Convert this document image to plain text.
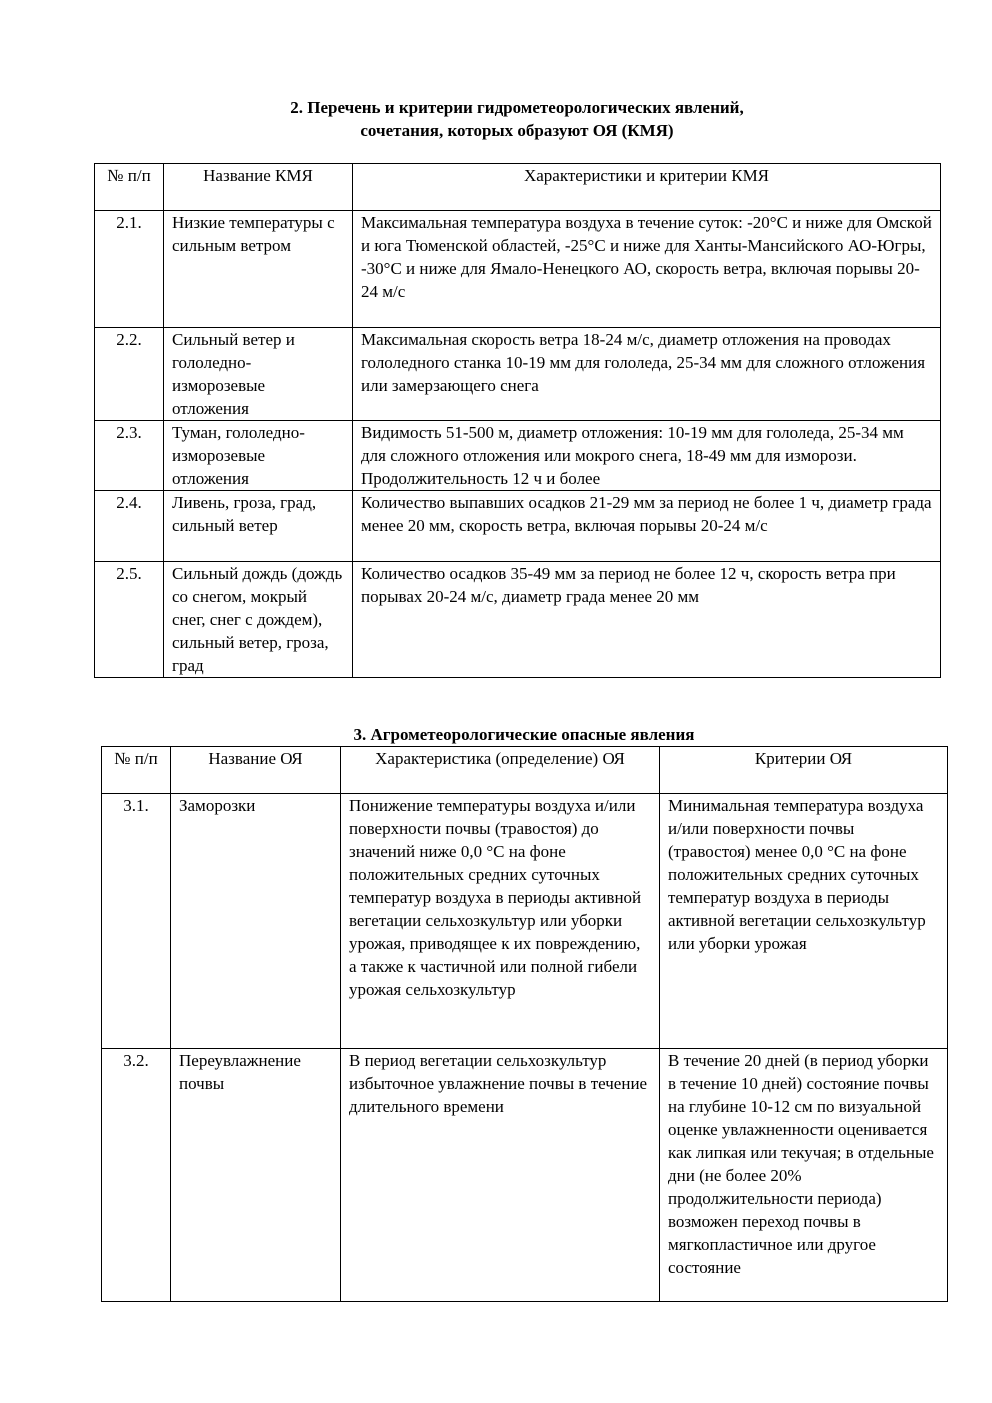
2. Перечень и критерии гидрометеорологических явлений,
сочетания, которых образуют ОЯ (КМЯ)
№ п/п	Название КМЯ	Характеристики и критерии КМЯ
2.1.	Низкие температуры с сильным ветром	Максимальная температура воздуха в течение суток: -20°С и ниже для Омской и юга Тюменской областей, -25°С и ниже для Ханты-Мансийского АО-Югры, -30°С и ниже для Ямало-Ненецкого АО, скорость ветра, включая порывы 20-24 м/с
2.2.	Сильный ветер и гололедно-изморозевые отложения	Максимальная скорость ветра 18-24 м/с, диаметр отложения на проводах гололедного станка 10-19 мм для гололеда, 25-34 мм для сложного отложения или замерзающего снега
2.3.	Туман, гололедно-изморозевые отложения	Видимость 51-500 м, диаметр отложения: 10-19 мм для гололеда, 25-34 мм для сложного отложения или мокрого снега, 18-49 мм для изморози. Продолжительность 12 ч и более
2.4.	Ливень, гроза, град, сильный ветер	Количество выпавших осадков 21-29 мм за период не более 1 ч, диаметр града менее 20 мм, скорость ветра, включая порывы 20-24 м/с
2.5.	Сильный дождь (дождь со снегом, мокрый снег, снег с дождем), сильный ветер, гроза, град	Количество осадков 35-49 мм за период не более 12 ч, скорость ветра при порывах 20-24 м/с, диаметр града менее 20 мм
3. Агрометеорологические опасные явления
№ п/п	Название ОЯ	Характеристика (определение) ОЯ	Критерии ОЯ
3.1.	Заморозки	Понижение температуры воздуха и/или поверхности почвы (травостоя) до значений ниже 0,0 °С на фоне положительных средних суточных температур воздуха в периоды активной вегетации сельхозкультур или уборки урожая, приводящее к их повреждению, а также к частичной или полной гибели урожая сельхозкультур	Минимальная температура воздуха и/или поверхности почвы (травостоя) менее 0,0 °С на фоне положительных средних суточных температур воздуха в периоды активной вегетации сельхозкультур или уборки урожая
3.2.	Переувлажнение почвы	В период вегетации сельхозкультур избыточное увлажнение почвы в течение длительного времени	В течение 20 дней (в период уборки в течение 10 дней) состояние почвы на глубине 10-12 см по визуальной оценке увлажненности оценивается как липкая или текучая; в отдельные дни (не более 20% продолжительности периода) возможен переход почвы в мягкопластичное или другое состояние
